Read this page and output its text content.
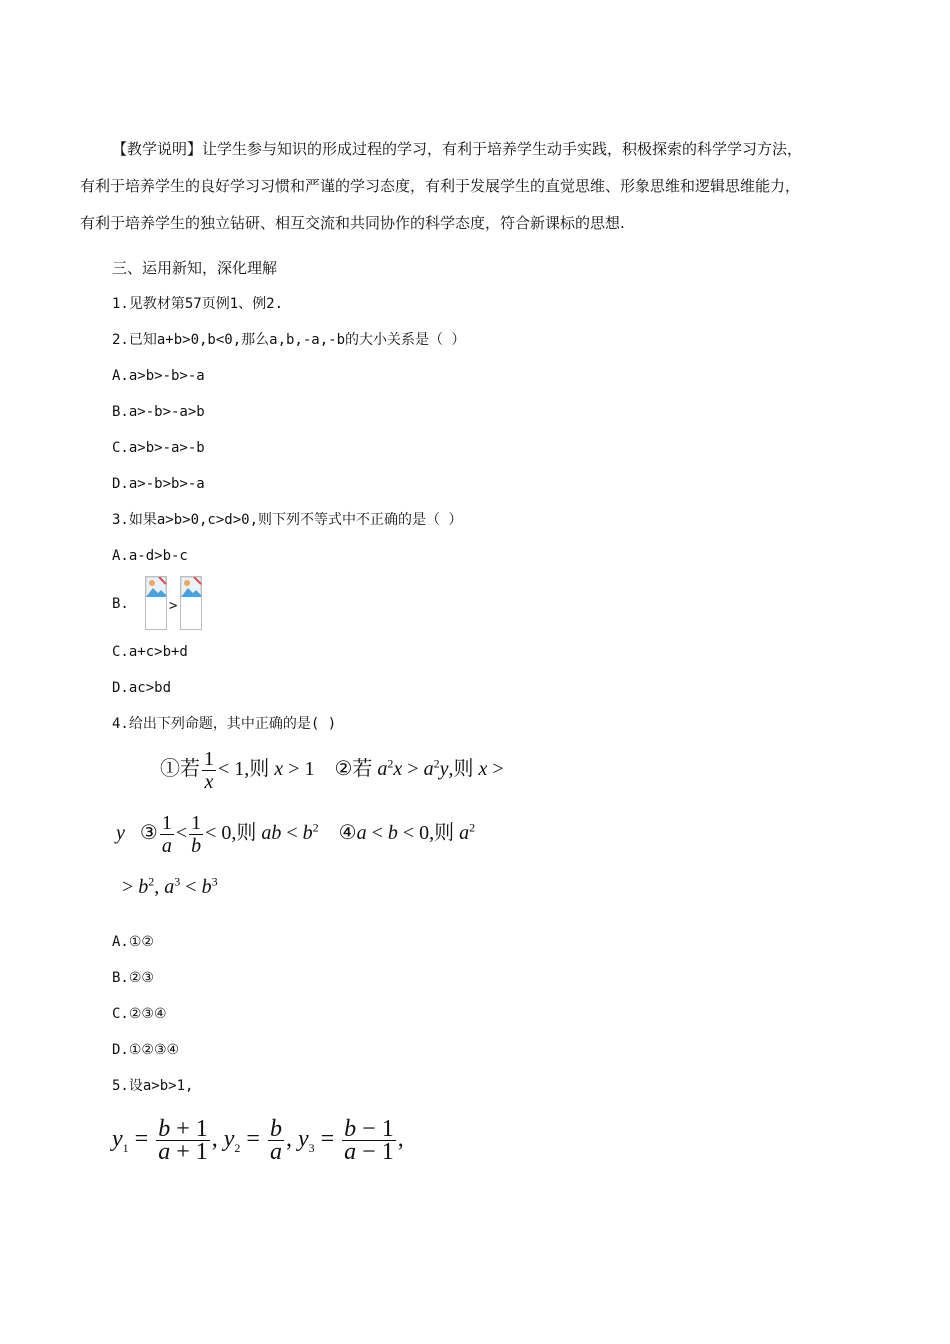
【教学说明】让学生参与知识的形成过程的学习，有利于培养学生动手实践，积极探索的科学学习方法，
有利于培养学生的良好学习习惯和严谨的学习态度，有利于发展学生的直觉思维、形象思维和逻辑思维能力，
有利于培养学生的独立钻研、相互交流和共同协作的科学态度，符合新课标的思想.
三、运用新知，深化理解
1.见教材第57页例1、例2.
2.已知a+b>0,b<0,那么a,b,-a,-b的大小关系是（ ）
A.a>b>-b>-a
B.a>-b>-a>b
C.a>b>-a>-b
D.a>-b>b>-a
3.如果a>b>0,c>d>0,则下列不等式中不正确的是（ ）
A.a-d>b-c
B.	>
C.a+c>b+d
D.ac>bd
4.给出下列命题，其中正确的是( )
①若 $\frac{1}{x} < 1$,则 x > 1    ②若 $a^2x > a^2y$,则 x >
y ③ $\frac{1}{a} < \frac{1}{b} < 0$,则 ab < $b^2$ ④a < b < 0,则 $a^2$
> $b^2$, $a^3 < b^3$
A.①②
B.②③
C.②③④
D.①②③④
5.设a>b>1,
$y_1 = \frac{b + 1}{a + 1}$ , $y_2 = \frac{b}{a}$ , $y_3 = \frac{b - 1}{a - 1}$ ,
